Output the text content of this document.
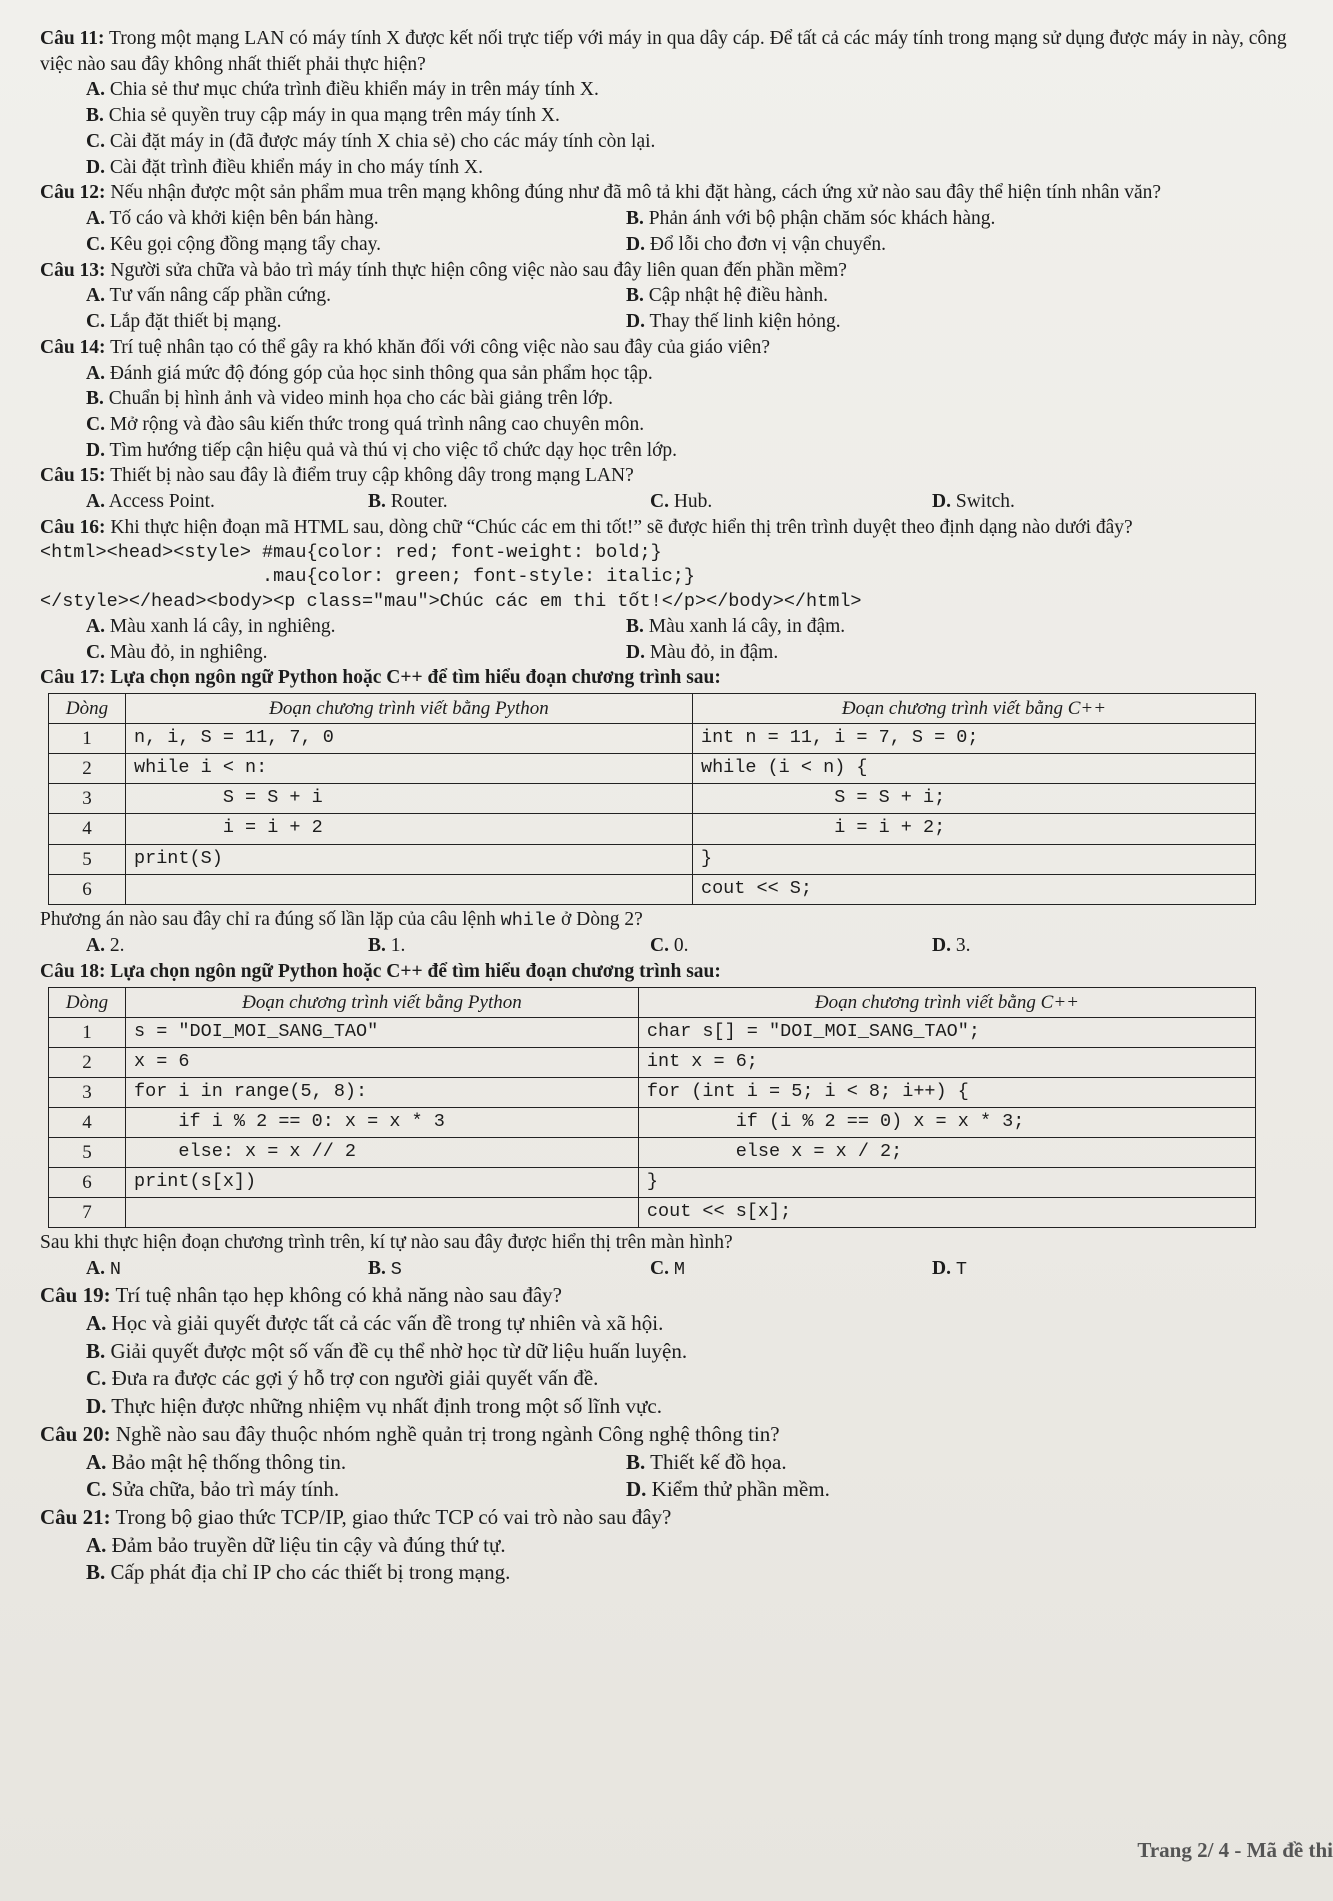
Câu 11: Trong một mạng LAN có máy tính X được kết nối trực tiếp với máy in qua dây cáp. Để tất cả các máy tính trong mạng sử dụng được máy in này, công việc nào sau đây không nhất thiết phải thực hiện?

A. Chia sẻ thư mục chứa trình điều khiển máy in trên máy tính X.

B. Chia sẻ quyền truy cập máy in qua mạng trên máy tính X.

C. Cài đặt máy in (đã được máy tính X chia sẻ) cho các máy tính còn lại.

D. Cài đặt trình điều khiển máy in cho máy tính X.

Câu 12: Nếu nhận được một sản phẩm mua trên mạng không đúng như đã mô tả khi đặt hàng, cách ứng xử nào sau đây thể hiện tính nhân văn?

A. Tố cáo và khởi kiện bên bán hàng.	B. Phản ánh với bộ phận chăm sóc khách hàng.
C. Kêu gọi cộng đồng mạng tẩy chay.	D. Đổ lỗi cho đơn vị vận chuyển.

Câu 13: Người sửa chữa và bảo trì máy tính thực hiện công việc nào sau đây liên quan đến phần mềm?

A. Tư vấn nâng cấp phần cứng.	B. Cập nhật hệ điều hành.
C. Lắp đặt thiết bị mạng.	D. Thay thế linh kiện hỏng.

Câu 14: Trí tuệ nhân tạo có thể gây ra khó khăn đối với công việc nào sau đây của giáo viên?

A. Đánh giá mức độ đóng góp của học sinh thông qua sản phẩm học tập.

B. Chuẩn bị hình ảnh và video minh họa cho các bài giảng trên lớp.

C. Mở rộng và đào sâu kiến thức trong quá trình nâng cao chuyên môn.

D. Tìm hướng tiếp cận hiệu quả và thú vị cho việc tổ chức dạy học trên lớp.

Câu 15: Thiết bị nào sau đây là điểm truy cập không dây trong mạng LAN?

A. Access Point.	B. Router.	C. Hub.	D. Switch.

Câu 16: Khi thực hiện đoạn mã HTML sau, dòng chữ “Chúc các em thi tốt!” sẽ được hiển thị trên trình duyệt theo định dạng nào dưới đây?

<html><head><style> #mau{color: red; font-weight: bold;}

.mau{color: green; font-style: italic;}

</style></head><body><p class="mau">Chúc các em thi tốt!</p></body></html>

A. Màu xanh lá cây, in nghiêng.	B. Màu xanh lá cây, in đậm.
C. Màu đỏ, in nghiêng.	D. Màu đỏ, in đậm.

Câu 17: Lựa chọn ngôn ngữ Python hoặc C++ để tìm hiểu đoạn chương trình sau:

Dòng	Đoạn chương trình viết bằng Python	Đoạn chương trình viết bằng C++
1	n, i, S = 11, 7, 0	int n = 11, i = 7, S = 0;
2	while i < n:	while (i < n) {
3	S = S + i	S = S + i;
4	i = i + 2	i = i + 2;
5	print(S)	}
6		cout << S;

Phương án nào sau đây chỉ ra đúng số lần lặp của câu lệnh while ở Dòng 2?

A. 2.	B. 1.	C. 0.	D. 3.

Câu 18: Lựa chọn ngôn ngữ Python hoặc C++ để tìm hiểu đoạn chương trình sau:

Dòng	Đoạn chương trình viết bằng Python	Đoạn chương trình viết bằng C++
1	s = "DOI_MOI_SANG_TAO"	char s[] = "DOI_MOI_SANG_TAO";
2	x = 6	int x = 6;
3	for i in range(5, 8):	for (int i = 5; i < 8; i++) {
4	if i % 2 == 0: x = x * 3	if (i % 2 == 0) x = x * 3;
5	else: x = x // 2	else x = x / 2;
6	print(s[x])	}
7		cout << s[x];

Sau khi thực hiện đoạn chương trình trên, kí tự nào sau đây được hiển thị trên màn hình?

A. N	B. S	C. M	D. T

Câu 19: Trí tuệ nhân tạo hẹp không có khả năng nào sau đây?

A. Học và giải quyết được tất cả các vấn đề trong tự nhiên và xã hội.

B. Giải quyết được một số vấn đề cụ thể nhờ học từ dữ liệu huấn luyện.

C. Đưa ra được các gợi ý hỗ trợ con người giải quyết vấn đề.

D. Thực hiện được những nhiệm vụ nhất định trong một số lĩnh vực.

Câu 20: Nghề nào sau đây thuộc nhóm nghề quản trị trong ngành Công nghệ thông tin?

A. Bảo mật hệ thống thông tin.	B. Thiết kế đồ họa.
C. Sửa chữa, bảo trì máy tính.	D. Kiểm thử phần mềm.

Câu 21: Trong bộ giao thức TCP/IP, giao thức TCP có vai trò nào sau đây?

A. Đảm bảo truyền dữ liệu tin cậy và đúng thứ tự.

B. Cấp phát địa chỉ IP cho các thiết bị trong mạng.

Trang 2/ 4 - Mã đề thi
